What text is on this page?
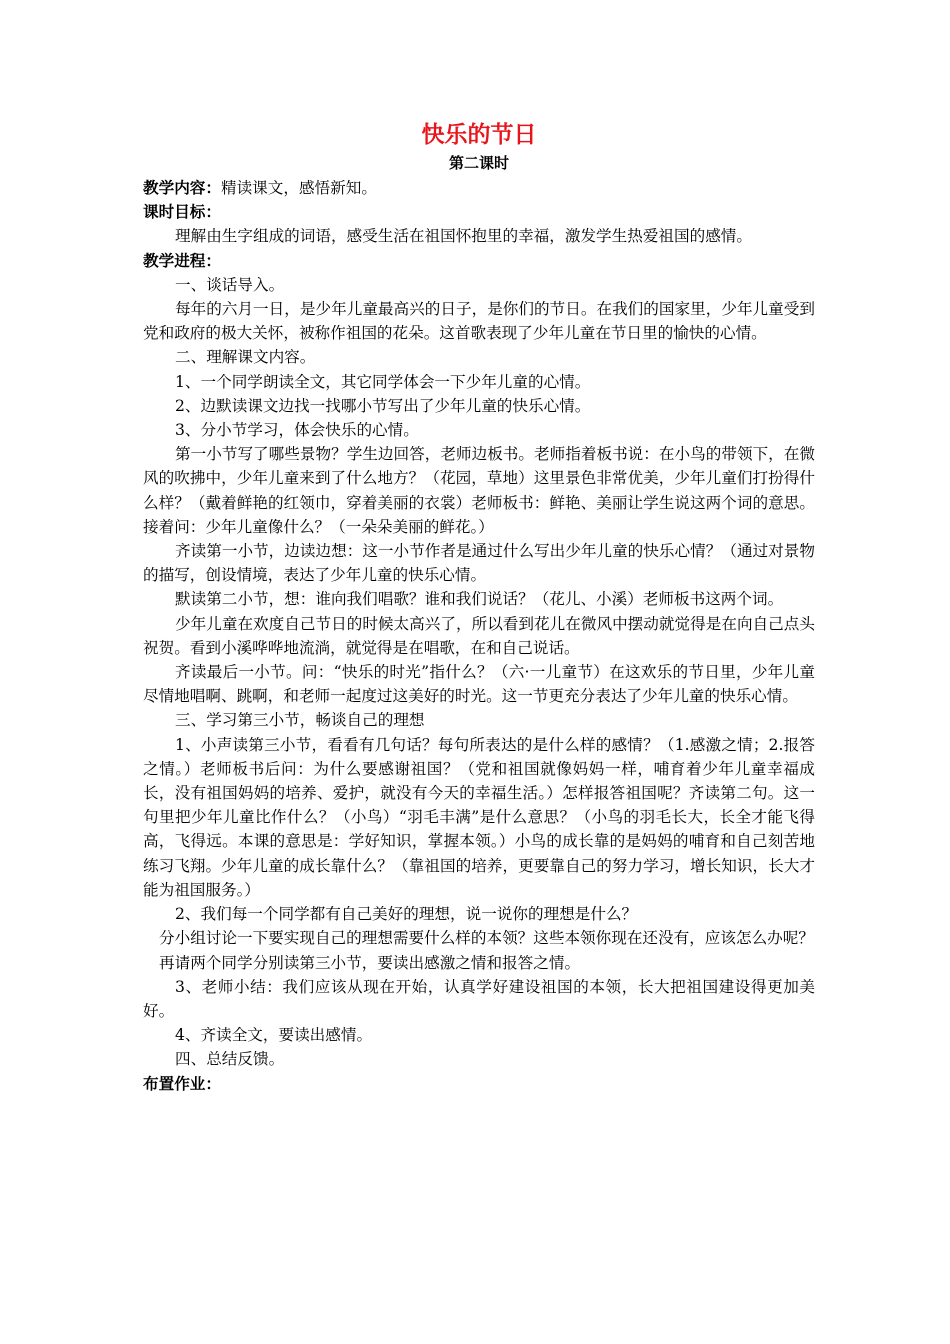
快乐的节日
第二课时

教学内容：精读课文，感悟新知。

课时目标：

理解由生字组成的词语，感受生活在祖国怀抱里的幸福，激发学生热爱祖国的感情。

教学进程：

一、谈话导入。

每年的六月一日，是少年儿童最高兴的日子，是你们的节日。在我们的国家里，少年儿童受到党和政府的极大关怀，被称作祖国的花朵。这首歌表现了少年儿童在节日里的愉快的心情。

二、理解课文内容。

1、一个同学朗读全文，其它同学体会一下少年儿童的心情。

2、边默读课文边找一找哪小节写出了少年儿童的快乐心情。

3、分小节学习，体会快乐的心情。

第一小节写了哪些景物？学生边回答，老师边板书。老师指着板书说：在小鸟的带领下，在微风的吹拂中，少年儿童来到了什么地方？（花园，草地）这里景色非常优美，少年儿童们打扮得什么样？（戴着鲜艳的红领巾，穿着美丽的衣裳）老师板书：鲜艳、美丽让学生说这两个词的意思。接着问：少年儿童像什么？（一朵朵美丽的鲜花。）

齐读第一小节，边读边想：这一小节作者是通过什么写出少年儿童的快乐心情？（通过对景物的描写，创设情境，表达了少年儿童的快乐心情。

默读第二小节，想：谁向我们唱歌？谁和我们说话？（花儿、小溪）老师板书这两个词。

少年儿童在欢度自己节日的时候太高兴了，所以看到花儿在微风中摆动就觉得是在向自己点头祝贺。看到小溪哗哗地流淌，就觉得是在唱歌，在和自己说话。

齐读最后一小节。问：“快乐的时光”指什么？（六·一儿童节）在这欢乐的节日里，少年儿童尽情地唱啊、跳啊，和老师一起度过这美好的时光。这一节更充分表达了少年儿童的快乐心情。

三、学习第三小节，畅谈自己的理想

1、小声读第三小节，看看有几句话？每句所表达的是什么样的感情？（1.感激之情；2.报答之情。）老师板书后问：为什么要感谢祖国？（党和祖国就像妈妈一样，哺育着少年儿童幸福成长，没有祖国妈妈的培养、爱护，就没有今天的幸福生活。）怎样报答祖国呢？齐读第二句。这一句里把少年儿童比作什么？（小鸟）“羽毛丰满”是什么意思？（小鸟的羽毛长大，长全才能飞得高，飞得远。本课的意思是：学好知识，掌握本领。）小鸟的成长靠的是妈妈的哺育和自己刻苦地练习飞翔。少年儿童的成长靠什么？（靠祖国的培养，更要靠自己的努力学习，增长知识，长大才能为祖国服务。）

2、我们每一个同学都有自己美好的理想，说一说你的理想是什么？

分小组讨论一下要实现自己的理想需要什么样的本领？这些本领你现在还没有，应该怎么办呢？

再请两个同学分别读第三小节，要读出感激之情和报答之情。

3、老师小结：我们应该从现在开始，认真学好建设祖国的本领，长大把祖国建设得更加美好。

4、齐读全文，要读出感情。

四、总结反馈。

布置作业：
